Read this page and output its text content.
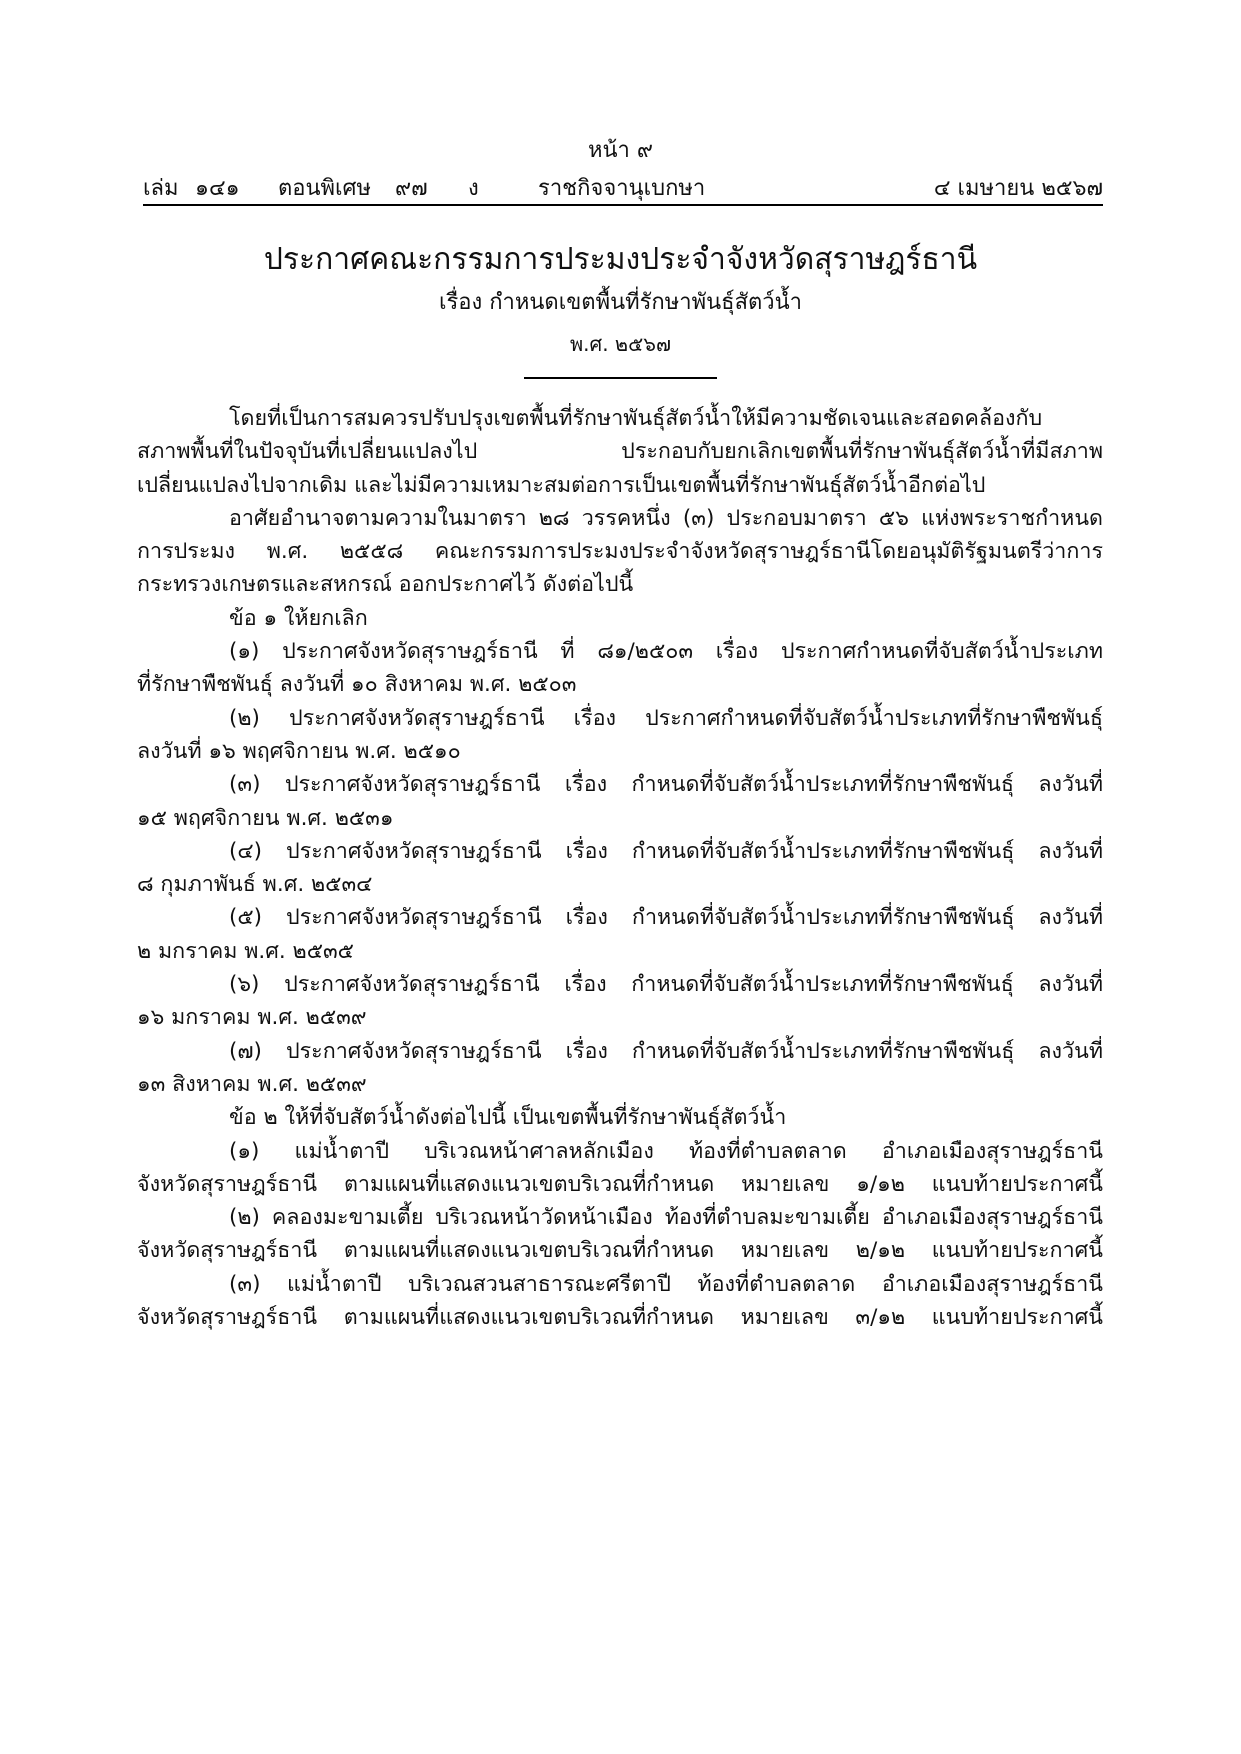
หน้า ๙
เล่ม ๑๔๑ ตอนพิเศษ ๙๗ ง	ราชกิจจานุเบกษา	๔ เมษายน ๒๕๖๗
ประกาศคณะกรรมการประมงประจำจังหวัดสุราษฎร์ธานี
เรื่อง กำหนดเขตพื้นที่รักษาพันธุ์สัตว์น้ำ
พ.ศ. ๒๕๖๗
โดยที่เป็นการสมควรปรับปรุงเขตพื้นที่รักษาพันธุ์สัตว์น้ำให้มีความชัดเจนและสอดคล้องกับ
สภาพพื้นที่ในปัจจุบันที่เปลี่ยนแปลงไป ประกอบกับยกเลิกเขตพื้นที่รักษาพันธุ์สัตว์น้ำที่มีสภาพ
เปลี่ยนแปลงไปจากเดิม และไม่มีความเหมาะสมต่อการเป็นเขตพื้นที่รักษาพันธุ์สัตว์น้ำอีกต่อไป
อาศัยอำนาจตามความในมาตรา ๒๘ วรรคหนึ่ง (๓) ประกอบมาตรา ๕๖ แห่งพระราชกำหนด
การประมง พ.ศ. ๒๕๕๘ คณะกรรมการประมงประจำจังหวัดสุราษฎร์ธานีโดยอนุมัติรัฐมนตรีว่าการ
กระทรวงเกษตรและสหกรณ์ ออกประกาศไว้ ดังต่อไปนี้
ข้อ ๑ ให้ยกเลิก
(๑) ประกาศจังหวัดสุราษฎร์ธานี ที่ ๘๑/๒๕๐๓ เรื่อง ประกาศกำหนดที่จับสัตว์น้ำประเภท
ที่รักษาพืชพันธุ์ ลงวันที่ ๑๐ สิงหาคม พ.ศ. ๒๕๐๓
(๒) ประกาศจังหวัดสุราษฎร์ธานี เรื่อง ประกาศกำหนดที่จับสัตว์น้ำประเภทที่รักษาพืชพันธุ์
ลงวันที่ ๑๖ พฤศจิกายน พ.ศ. ๒๕๑๐
(๓) ประกาศจังหวัดสุราษฎร์ธานี เรื่อง กำหนดที่จับสัตว์น้ำประเภทที่รักษาพืชพันธุ์ ลงวันที่
๑๕ พฤศจิกายน พ.ศ. ๒๕๓๑
(๔) ประกาศจังหวัดสุราษฎร์ธานี เรื่อง กำหนดที่จับสัตว์น้ำประเภทที่รักษาพืชพันธุ์ ลงวันที่
๘ กุมภาพันธ์ พ.ศ. ๒๕๓๔
(๕) ประกาศจังหวัดสุราษฎร์ธานี เรื่อง กำหนดที่จับสัตว์น้ำประเภทที่รักษาพืชพันธุ์ ลงวันที่
๒ มกราคม พ.ศ. ๒๕๓๕
(๖) ประกาศจังหวัดสุราษฎร์ธานี เรื่อง กำหนดที่จับสัตว์น้ำประเภทที่รักษาพืชพันธุ์ ลงวันที่
๑๖ มกราคม พ.ศ. ๒๕๓๙
(๗) ประกาศจังหวัดสุราษฎร์ธานี เรื่อง กำหนดที่จับสัตว์น้ำประเภทที่รักษาพืชพันธุ์ ลงวันที่
๑๓ สิงหาคม พ.ศ. ๒๕๓๙
ข้อ ๒ ให้ที่จับสัตว์น้ำดังต่อไปนี้ เป็นเขตพื้นที่รักษาพันธุ์สัตว์น้ำ
(๑) แม่น้ำตาปี บริเวณหน้าศาลหลักเมือง ท้องที่ตำบลตลาด อำเภอเมืองสุราษฎร์ธานี
จังหวัดสุราษฎร์ธานี ตามแผนที่แสดงแนวเขตบริเวณที่กำหนด หมายเลข ๑/๑๒ แนบท้ายประกาศนี้
(๒) คลองมะขามเตี้ย บริเวณหน้าวัดหน้าเมือง ท้องที่ตำบลมะขามเตี้ย อำเภอเมืองสุราษฎร์ธานี
จังหวัดสุราษฎร์ธานี ตามแผนที่แสดงแนวเขตบริเวณที่กำหนด หมายเลข ๒/๑๒ แนบท้ายประกาศนี้
(๓) แม่น้ำตาปี บริเวณสวนสาธารณะศรีตาปี ท้องที่ตำบลตลาด อำเภอเมืองสุราษฎร์ธานี
จังหวัดสุราษฎร์ธานี ตามแผนที่แสดงแนวเขตบริเวณที่กำหนด หมายเลข ๓/๑๒ แนบท้ายประกาศนี้
